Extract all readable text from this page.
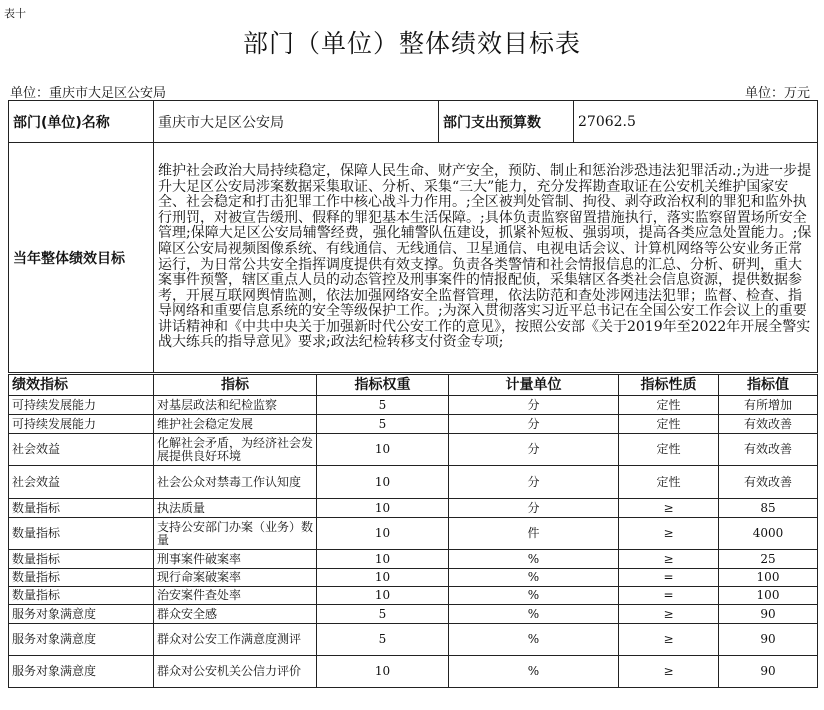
表十
部门（单位）整体绩效目标表
单位：重庆市大足区公安局	单位：万元
部门(单位)名称	重庆市大足区公安局	部门支出预算数	27062.5
当年整体绩效目标	维护社会政治大局持续稳定，保障人民生命、财产安全，预防、制止和惩治涉恐违法犯罪活动.;为进一步提升大足区公安局涉案数据采集取证、分析、采集“三大”能力，充分发挥勘查取证在公安机关维护国家安全、社会稳定和打击犯罪工作中核心战斗力作用。;全区被判处管制、拘役、剥夺政治权利的罪犯和监外执行刑罚，对被宣告缓刑、假释的罪犯基本生活保障。;具体负责监察留置措施执行，落实监察留置场所安全管理;保障大足区公安局辅警经费，强化辅警队伍建设，抓紧补短板、强弱项，提高各类应急处置能力。;保障区公安局视频图像系统、有线通信、无线通信、卫星通信、电视电话会议、计算机网络等公安业务正常运行，为日常公共安全指挥调度提供有效支撑。负责各类警情和社会情报信息的汇总、分析、研判，重大案事件预警，辖区重点人员的动态管控及刑事案件的情报配侦，采集辖区各类社会信息资源，提供数据参考，开展互联网舆情监测，依法加强网络安全监督管理，依法防范和查处涉网违法犯罪；监督、检查、指导网络和重要信息系统的安全等级保护工作。;为深入贯彻落实习近平总书记在全国公安工作会议上的重要讲话精神和《中共中央关于加强新时代公安工作的意见》，按照公安部《关于2019年至2022年开展全警实战大练兵的指导意见》要求;政法纪检转移支付资金专项;		
绩效指标	指标	指标权重	计量单位	指标性质	指标值
可持续发展能力	对基层政法和纪检监察	5	分	定性	有所增加
可持续发展能力	维护社会稳定发展	5	分	定性	有效改善
社会效益	化解社会矛盾，为经济社会发展提供良好环境	10	分	定性	有效改善
社会效益	社会公众对禁毒工作认知度	10	分	定性	有效改善
数量指标	执法质量	10	分	≥	85
数量指标	支持公安部门办案（业务）数量	10	件	≥	4000
数量指标	刑事案件破案率	10	%	≥	25
数量指标	现行命案破案率	10	%	=	100
数量指标	治安案件查处率	10	%	=	100
服务对象满意度	群众安全感	5	%	≥	90
服务对象满意度	群众对公安工作满意度测评	5	%	≥	90
服务对象满意度	群众对公安机关公信力评价	10	%	≥	90
